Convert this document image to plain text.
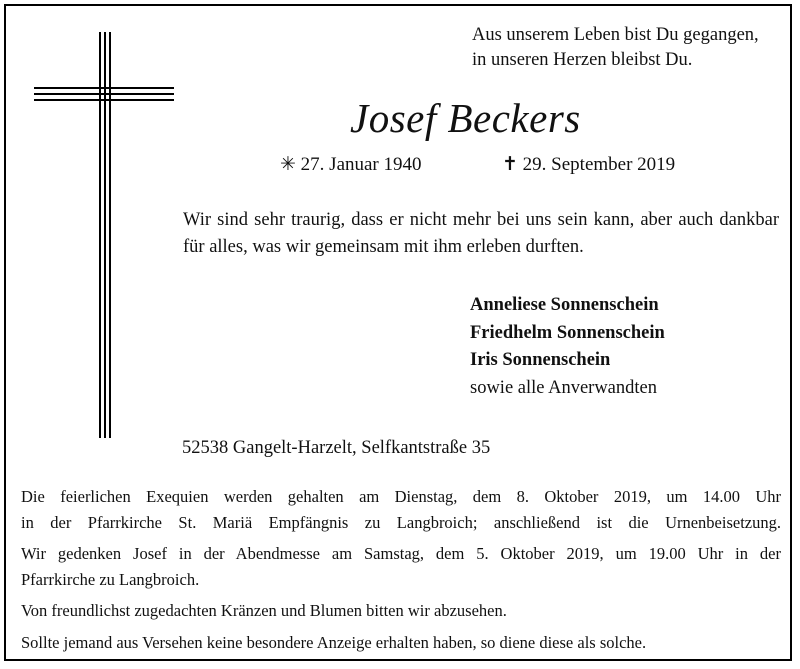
Aus unserem Leben bist Du gegangen,
in unseren Herzen bleibst Du.
Josef Beckers
✳ 27. Januar 1940	✝ 29. September 2019
Wir sind sehr traurig, dass er nicht mehr bei uns sein kann, aber auch dankbar für alles, was wir gemeinsam mit ihm erleben durften.
Anneliese Sonnenschein
Friedhelm Sonnenschein
Iris Sonnenschein
sowie alle Anverwandten
52538 Gangelt-Harzelt, Selfkantstraße 35

Die feierlichen Exequien werden gehalten am Dienstag, dem 8. Oktober 2019, um 14.00 Uhr

in der Pfarrkirche St. Mariä Empfängnis zu Langbroich; anschließend ist die Urnenbeisetzung.

Wir gedenken Josef in der Abendmesse am Samstag, dem 5. Oktober 2019, um 19.00 Uhr in der

Pfarrkirche zu Langbroich.

Von freundlichst zugedachten Kränzen und Blumen bitten wir abzusehen.

Sollte jemand aus Versehen keine besondere Anzeige erhalten haben, so diene diese als solche.
